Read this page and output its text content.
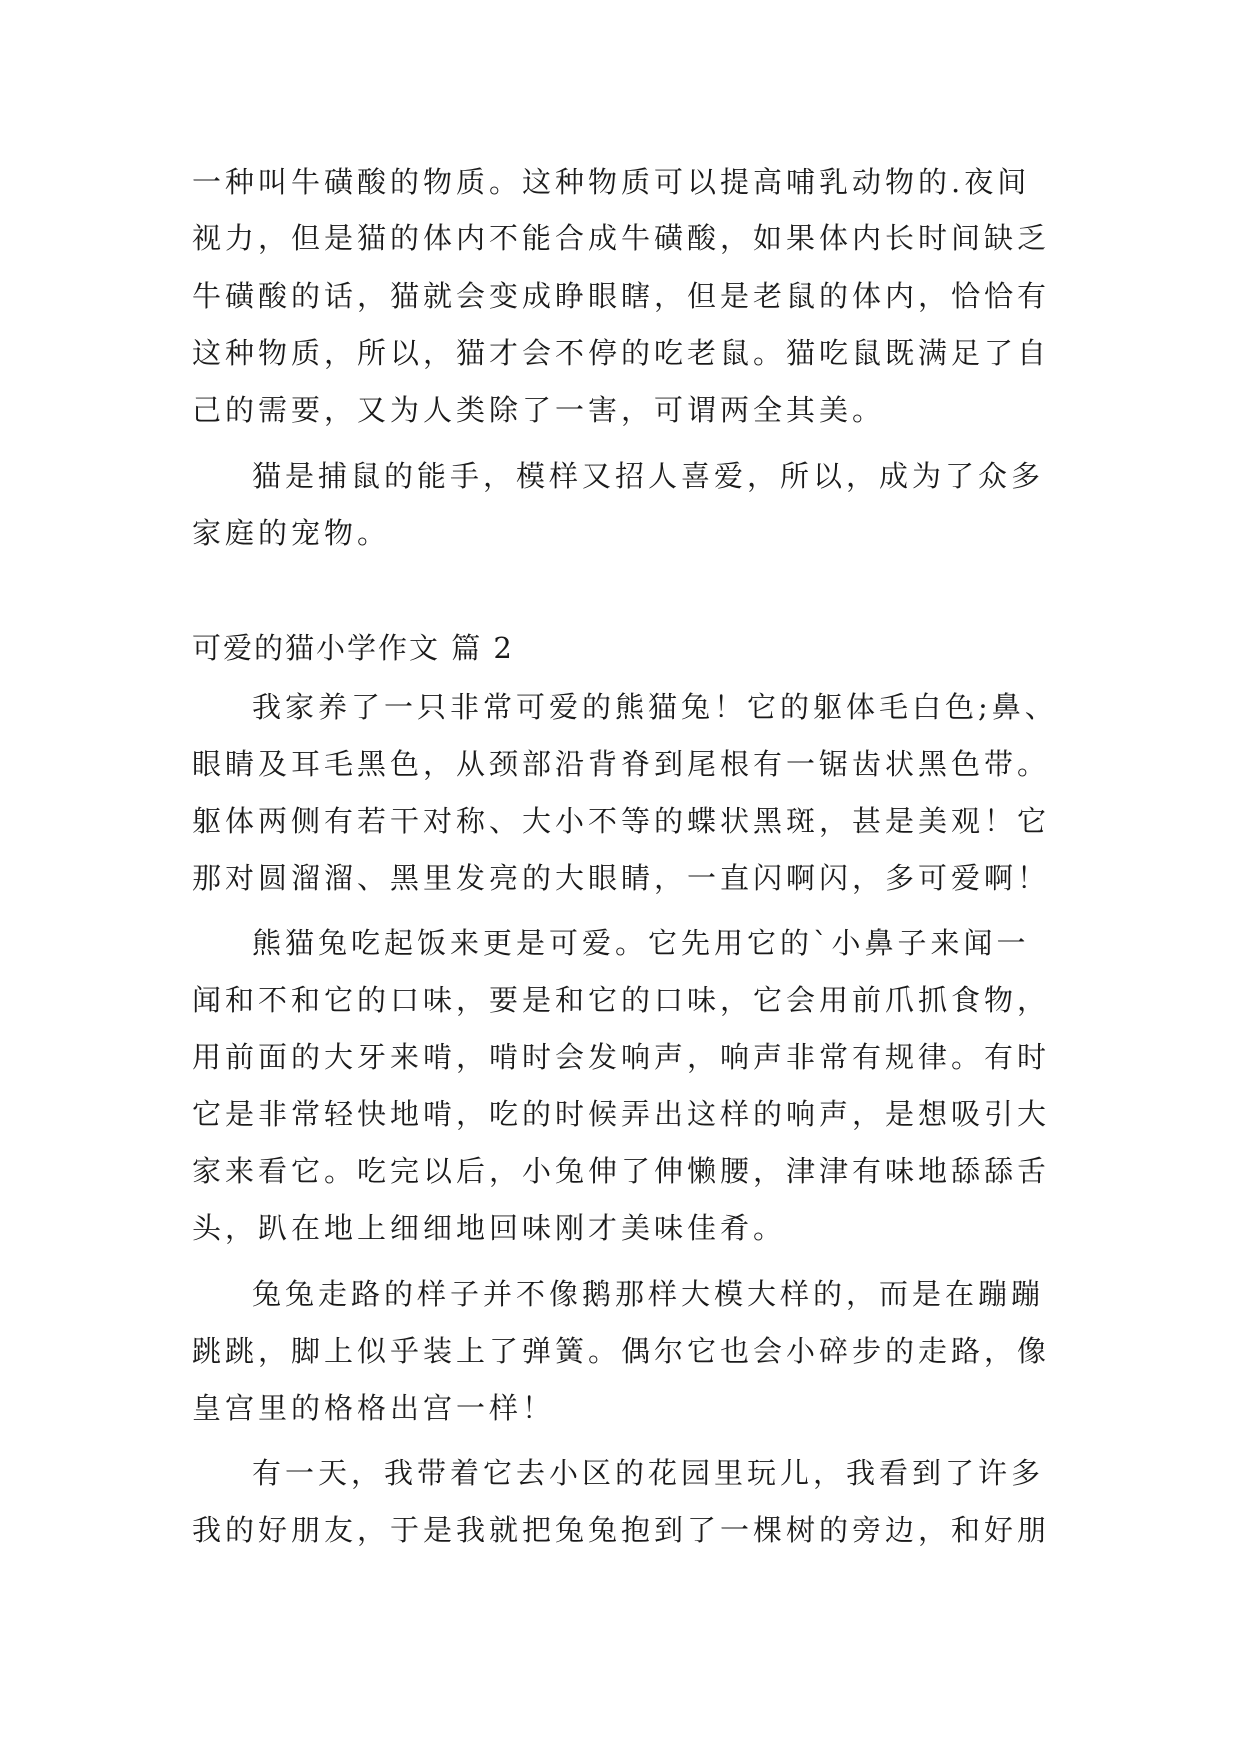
一种叫牛磺酸的物质。这种物质可以提高哺乳动物的.夜间
视力，但是猫的体内不能合成牛磺酸，如果体内长时间缺乏
牛磺酸的话，猫就会变成睁眼瞎，但是老鼠的体内，恰恰有
这种物质，所以，猫才会不停的吃老鼠。猫吃鼠既满足了自
己的需要，又为人类除了一害，可谓两全其美。
猫是捕鼠的能手，模样又招人喜爱，所以，成为了众多
家庭的宠物。
可爱的猫小学作文 篇 2
我家养了一只非常可爱的熊猫兔！它的躯体毛白色;鼻、
眼睛及耳毛黑色，从颈部沿背脊到尾根有一锯齿状黑色带。
躯体两侧有若干对称、大小不等的蝶状黑斑，甚是美观！它
那对圆溜溜、黑里发亮的大眼睛，一直闪啊闪，多可爱啊！
熊猫兔吃起饭来更是可爱。它先用它的`小鼻子来闻一
闻和不和它的口味，要是和它的口味，它会用前爪抓食物，
用前面的大牙来啃，啃时会发响声，响声非常有规律。有时
它是非常轻快地啃，吃的时候弄出这样的响声，是想吸引大
家来看它。吃完以后，小兔伸了伸懒腰，津津有味地舔舔舌
头，趴在地上细细地回味刚才美味佳肴。
兔兔走路的样子并不像鹅那样大模大样的，而是在蹦蹦
跳跳，脚上似乎装上了弹簧。偶尔它也会小碎步的走路，像
皇宫里的格格出宫一样！
有一天，我带着它去小区的花园里玩儿，我看到了许多
我的好朋友，于是我就把兔兔抱到了一棵树的旁边，和好朋
